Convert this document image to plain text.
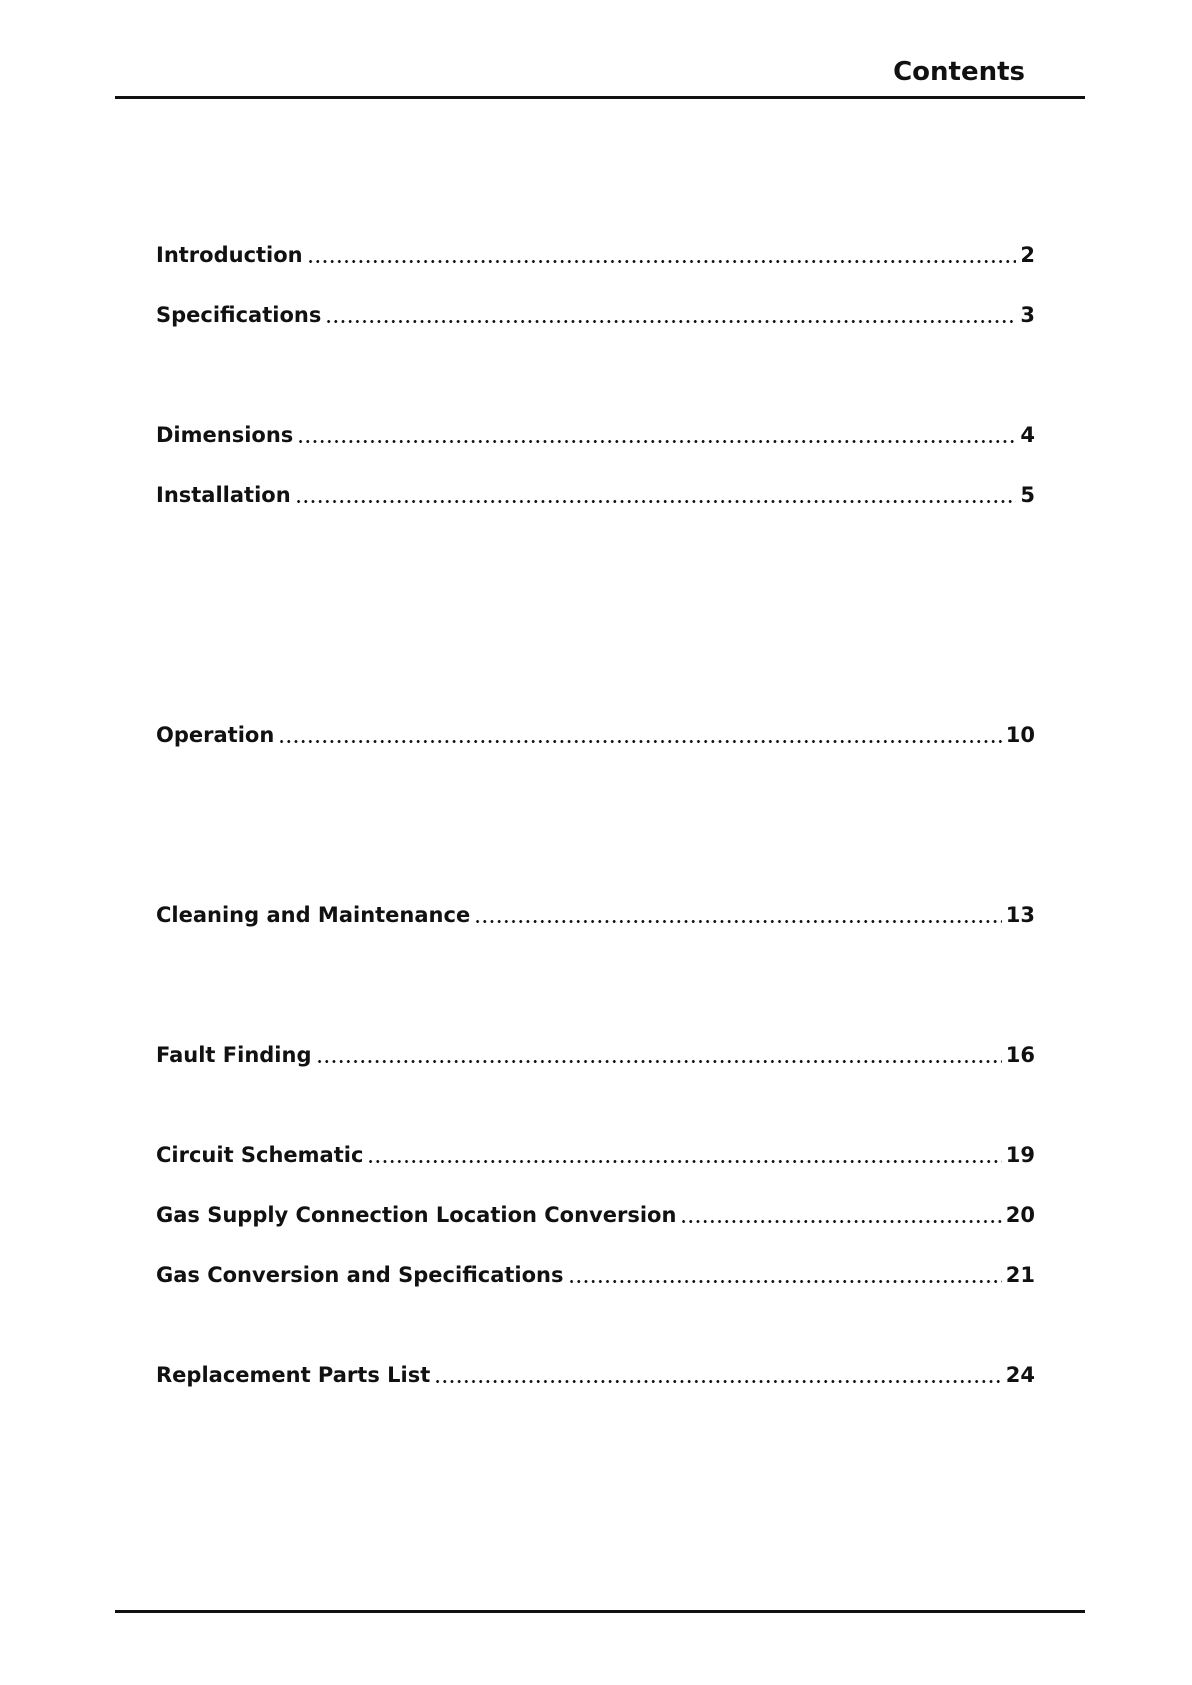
Contents
Introduction	2
Specifications	3
Dimensions	4
Installation	5
Operation	10
Cleaning and Maintenance	13
Fault Finding	16
Circuit Schematic	19
Gas Supply Connection Location Conversion	20
Gas Conversion and Specifications	21
Replacement Parts List	24
